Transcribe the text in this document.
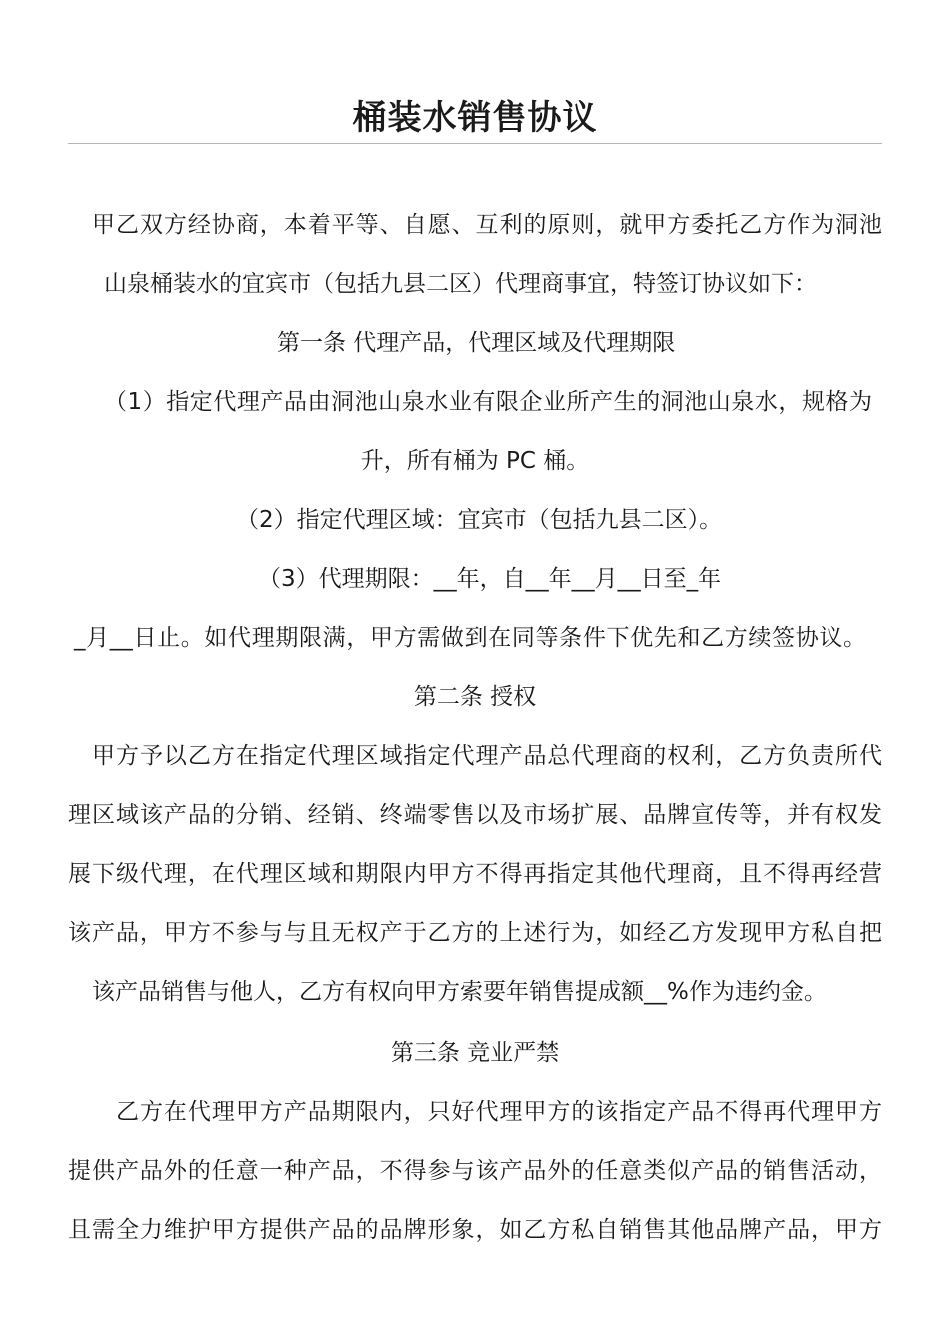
桶装水销售协议
甲乙双方经协商，本着平等、自愿、互利的原则，就甲方委托乙方作为洞池
山泉桶装水的宜宾市（包括九县二区）代理商事宜，特签订协议如下：
第一条 代理产品，代理区域及代理期限
（1）指定代理产品由洞池山泉水业有限企业所产生的洞池山泉水，规格为
升，所有桶为 PC 桶。
（2）指定代理区域：宜宾市（包括九县二区）。
（3）代理期限：__年，自__年__月__日至_年
_月__日止。如代理期限满，甲方需做到在同等条件下优先和乙方续签协议。
第二条 授权
甲方予以乙方在指定代理区域指定代理产品总代理商的权利，乙方负责所代
理区域该产品的分销、经销、终端零售以及市场扩展、品牌宣传等，并有权发
展下级代理，在代理区域和期限内甲方不得再指定其他代理商，且不得再经营
该产品，甲方不参与与且无权产于乙方的上述行为，如经乙方发现甲方私自把
该产品销售与他人，乙方有权向甲方索要年销售提成额__%作为违约金。
第三条 竞业严禁
乙方在代理甲方产品期限内，只好代理甲方的该指定产品不得再代理甲方
提供产品外的任意一种产品，不得参与该产品外的任意类似产品的销售活动，
且需全力维护甲方提供产品的品牌形象，如乙方私自销售其他品牌产品，甲方
